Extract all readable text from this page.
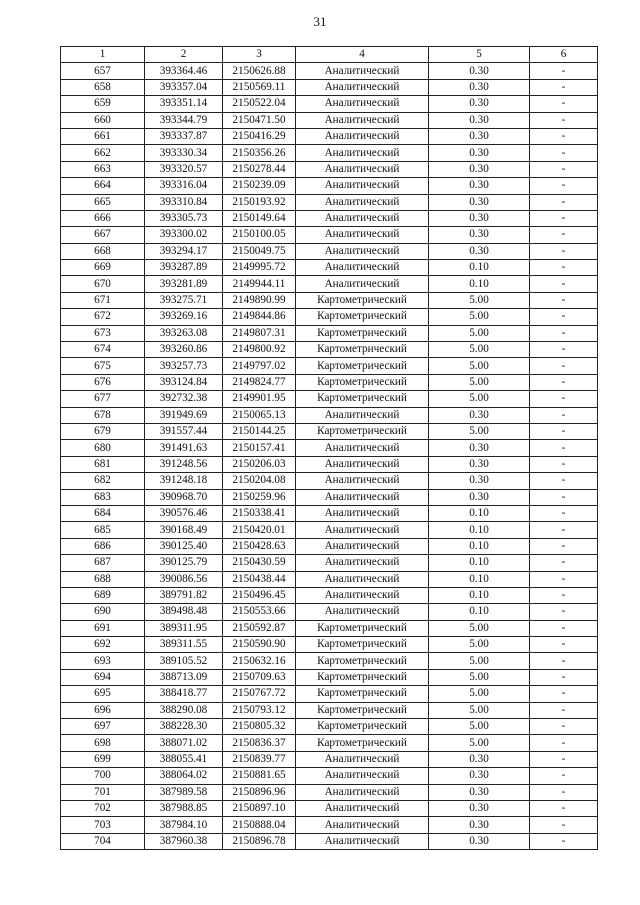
31
1	2	3	4	5	6
657	393364.46	2150626.88	Аналитический	0.30	-
658	393357.04	2150569.11	Аналитический	0.30	-
659	393351.14	2150522.04	Аналитический	0.30	-
660	393344.79	2150471.50	Аналитический	0.30	-
661	393337.87	2150416.29	Аналитический	0.30	-
662	393330.34	2150356.26	Аналитический	0.30	-
663	393320.57	2150278.44	Аналитический	0.30	-
664	393316.04	2150239.09	Аналитический	0.30	-
665	393310.84	2150193.92	Аналитический	0.30	-
666	393305.73	2150149.64	Аналитический	0.30	-
667	393300.02	2150100.05	Аналитический	0.30	-
668	393294.17	2150049.75	Аналитический	0.30	-
669	393287.89	2149995.72	Аналитический	0.10	-
670	393281.89	2149944.11	Аналитический	0.10	-
671	393275.71	2149890.99	Картометрический	5.00	-
672	393269.16	2149844.86	Картометрический	5.00	-
673	393263.08	2149807.31	Картометрический	5.00	-
674	393260.86	2149800.92	Картометрический	5.00	-
675	393257.73	2149797.02	Картометрический	5.00	-
676	393124.84	2149824.77	Картометрический	5.00	-
677	392732.38	2149901.95	Картометрический	5.00	-
678	391949.69	2150065.13	Аналитический	0.30	-
679	391557.44	2150144.25	Картометрический	5.00	-
680	391491.63	2150157.41	Аналитический	0.30	-
681	391248.56	2150206.03	Аналитический	0.30	-
682	391248.18	2150204.08	Аналитический	0.30	-
683	390968.70	2150259.96	Аналитический	0.30	-
684	390576.46	2150338.41	Аналитический	0.10	-
685	390168.49	2150420.01	Аналитический	0.10	-
686	390125.40	2150428.63	Аналитический	0.10	-
687	390125.79	2150430.59	Аналитический	0.10	-
688	390086.56	2150438.44	Аналитический	0.10	-
689	389791.82	2150496.45	Аналитический	0.10	-
690	389498.48	2150553.66	Аналитический	0.10	-
691	389311.95	2150592.87	Картометрический	5.00	-
692	389311.55	2150590.90	Картометрический	5.00	-
693	389105.52	2150632.16	Картометрический	5.00	-
694	388713.09	2150709.63	Картометрический	5.00	-
695	388418.77	2150767.72	Картометрический	5.00	-
696	388290.08	2150793.12	Картометрический	5.00	-
697	388228.30	2150805.32	Картометрический	5.00	-
698	388071.02	2150836.37	Картометрический	5.00	-
699	388055.41	2150839.77	Аналитический	0.30	-
700	388064.02	2150881.65	Аналитический	0.30	-
701	387989.58	2150896.96	Аналитический	0.30	-
702	387988.85	2150897.10	Аналитический	0.30	-
703	387984.10	2150888.04	Аналитический	0.30	-
704	387960.38	2150896.78	Аналитический	0.30	-
